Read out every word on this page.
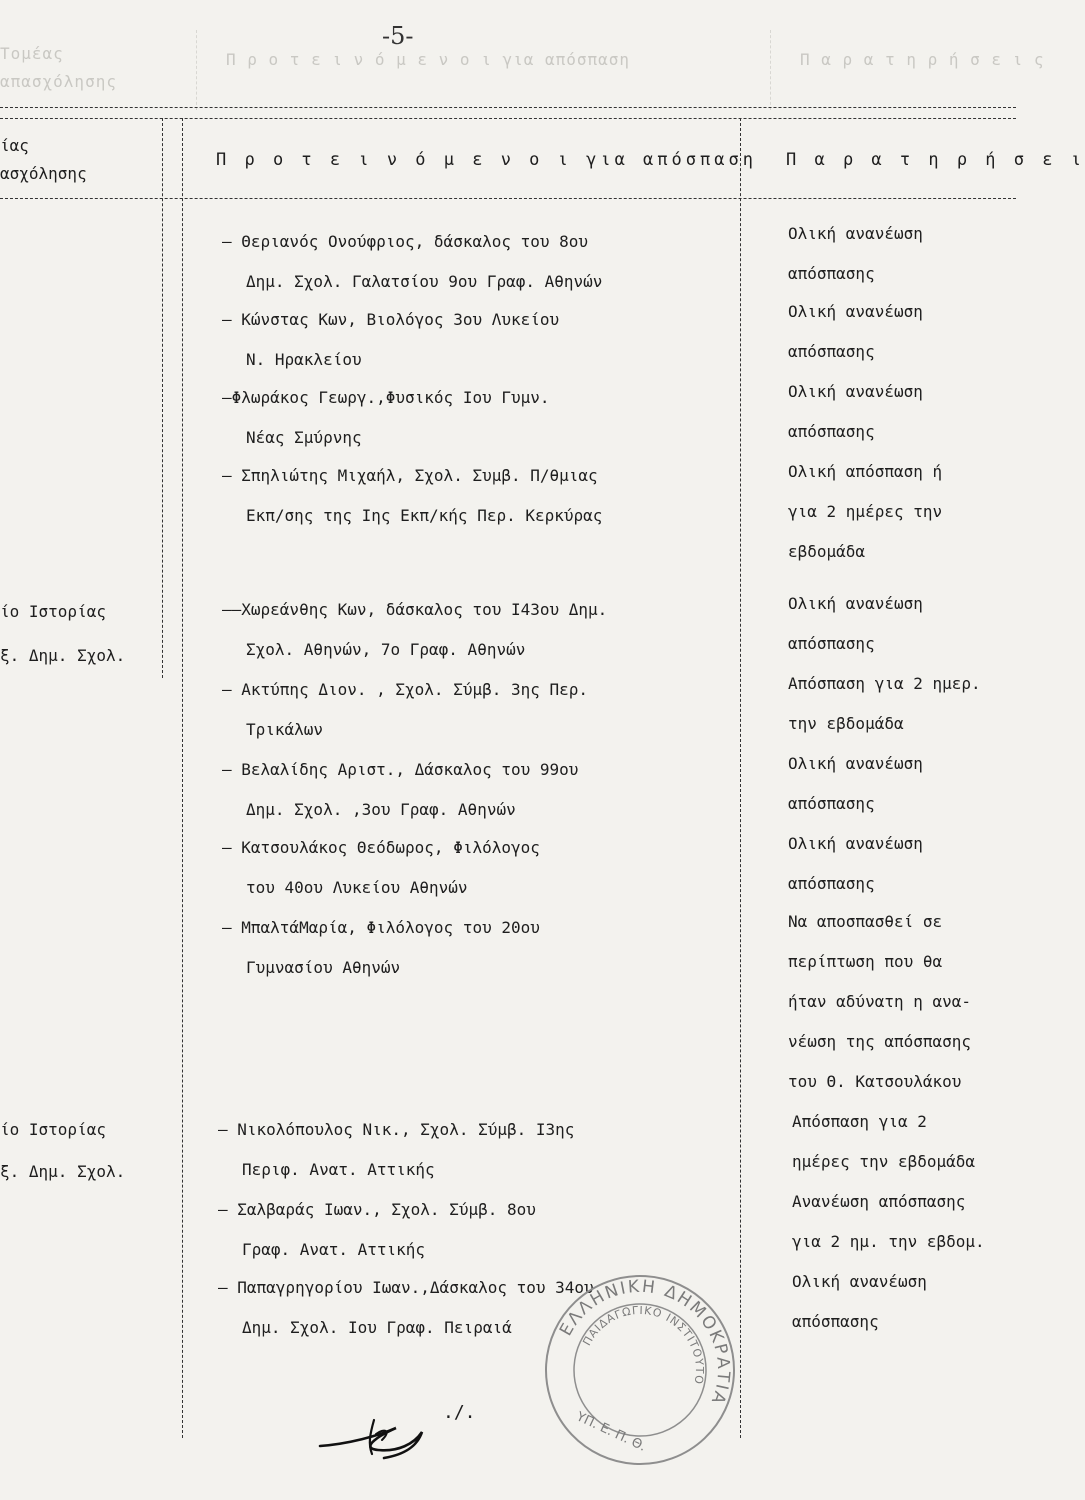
Τομέας
απασχόλησης
Π ρ ο τ ε ι ν ό μ ε ν ο ι για απόσπαση	Π α ρ α τ η ρ ή σ ε ι ς
-5-
ίας
ασχόλησης
Π ρ ο τ ε ι ν ό μ ε ν ο ι για απόσπαση Π α ρ α τ η ρ ή σ ε ι
ίο Ιστορίας
ξ. Δημ. Σχολ.
ίο Ιστορίας
ξ. Δημ. Σχολ.
– Θεριανός Ονούφριος, δάσκαλος του 8ου
Δημ. Σχολ. Γαλατσίου 9ου Γραφ. Αθηνών
– Κώνστας Κων, Βιολόγος 3ου Λυκείου
Ν. Ηρακλείου
–Φλωράκος Γεωργ.,Φυσικός Ιου Γυμν.
Νέας Σμύρνης
– Σπηλιώτης Μιχαήλ, Σχολ. Συμβ. Π/θμιας
Εκπ/σης της Ιης Εκπ/κής Περ. Κερκύρας
––Χωρεάνθης Κων, δάσκαλος του Ι43ου Δημ.
Σχολ. Αθηνών, 7ο Γραφ. Αθηνών
– Ακτύπης Διον. , Σχολ. Σύμβ. 3ης Περ.
Τρικάλων
– Βελαλίδης Αριστ., Δάσκαλος του 99ου
Δημ. Σχολ. ,3ου Γραφ. Αθηνών
– Κατσουλάκος Θεόδωρος, Φιλόλογος
του 40ου Λυκείου Αθηνών
– ΜπαλτάΜαρία, Φιλόλογος του 20ου
Γυμνασίου Αθηνών
– Νικολόπουλος Νικ., Σχολ. Σύμβ. Ι3ης
Περιφ. Ανατ. Αττικής
– Σαλβαράς Ιωαν., Σχολ. Σύμβ. 8ου
Γραφ. Ανατ. Αττικής
– Παπαγρηγορίου Ιωαν.,Δάσκαλος του 34ου
Δημ. Σχολ. Ιου Γραφ. Πειραιά
Ολική ανανέωση
απόσπασης
Ολική ανανέωση
απόσπασης
Ολική ανανέωση
απόσπασης
Ολική απόσπαση ή
για 2 ημέρες την
εβδομάδα
Ολική ανανέωση
απόσπασης
Απόσπαση για 2 ημερ.
την εβδομάδα
Ολική ανανέωση
απόσπασης
Ολική ανανέωση
απόσπασης
Να αποσπασθεί σε
περίπτωση που θα
ήταν αδύνατη η ανα-
νέωση της απόσπασης
του Θ. Κατσουλάκου
Απόσπαση για 2
ημέρες την εβδομάδα
Ανανέωση απόσπασης
για 2 ημ. την εβδομ.
Ολική ανανέωση
απόσπασης
./.
ΕΛΛΗΝΙΚΗ ΔΗΜΟΚΡΑΤΙΑ
ΠΑΙΔΑΓΩΓΙΚΟ ΙΝΣΤΙΤΟΥΤΟ
ΥΠ. Ε. Π. Θ.
